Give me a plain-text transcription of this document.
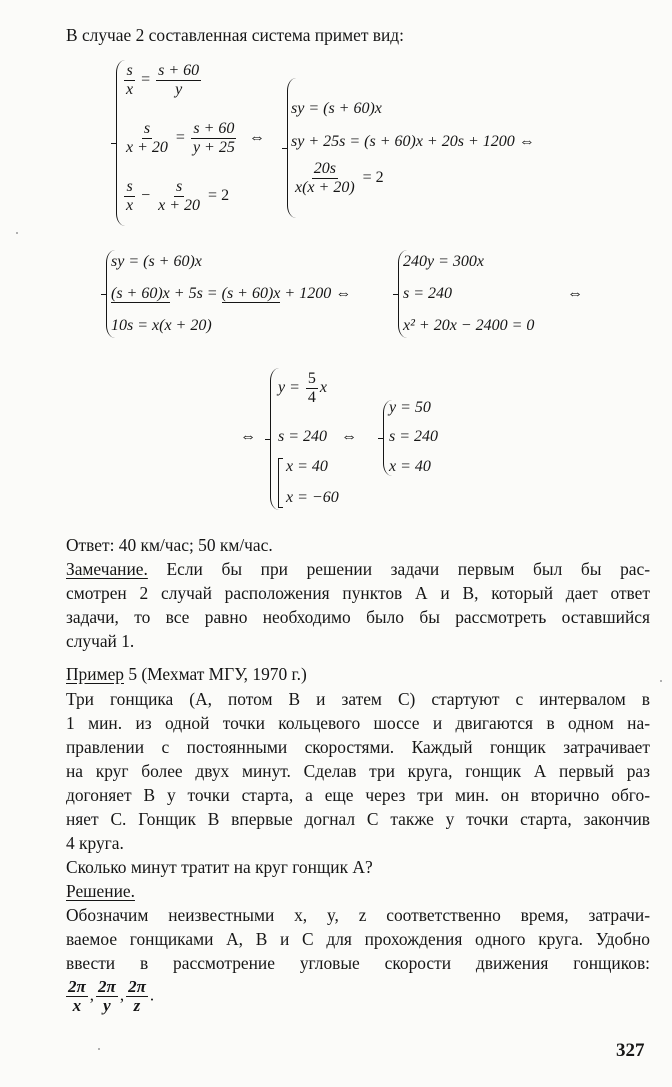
В случае 2 составленная система примет вид:
$\frac{s}{x} = \frac{s + 60}{y}$
$\frac{s}{x + 20} = \frac{s + 60}{y + 25}$ ⇔
$\frac{s}{x} - \frac{s}{x + 20} = 2$
sy = (s + 60)x
sy + 25s = (s + 60)x + 20s + 1200 ⇔
$\frac{20s}{x(x + 20)} = 2$
sy = (s + 60)x
(s + 60)x + 5s = (s + 60)x + 1200 ⇔
10s = x(x + 20)
240y = 300x
s = 240
x² + 20x − 2400 = 0
⇔
⇔
$y = \frac{5}{4}$ x
s = 240 ⇔
x = 40
x = −60
y = 50
s = 240
x = 40
Ответ: 40 км/час; 50 км/час.
Замечание. Если бы при решении задачи первым был бы рас-
смотрен 2 случай расположения пунктов А и В, который дает ответ
задачи, то все равно необходимо было бы рассмотреть оставшийся
случай 1.
Пример 5 (Мехмат МГУ, 1970 г.)
Три гонщика (А, потом В и затем С) стартуют с интервалом в
1 мин. из одной точки кольцевого шоссе и двигаются в одном на-
правлении с постоянными скоростями. Каждый гонщик затрачивает
на круг более двух минут. Сделав три круга, гонщик А первый раз
догоняет В у точки старта, а еще через три мин. он вторично обго-
няет С. Гонщик В впервые догнал С также у точки старта, закончив
4 круга.
Сколько минут тратит на круг гонщик А?
Решение.
Обозначим неизвестными x, y, z соответственно время, затрачи-
ваемое гонщиками А, В и С для прохождения одного круга. Удобно
ввести в рассмотрение угловые скорости движения гонщиков:
$\frac{2\pi}{x}$ , $\frac{2\pi}{y}$ , $\frac{2\pi}{z}$ .
327
